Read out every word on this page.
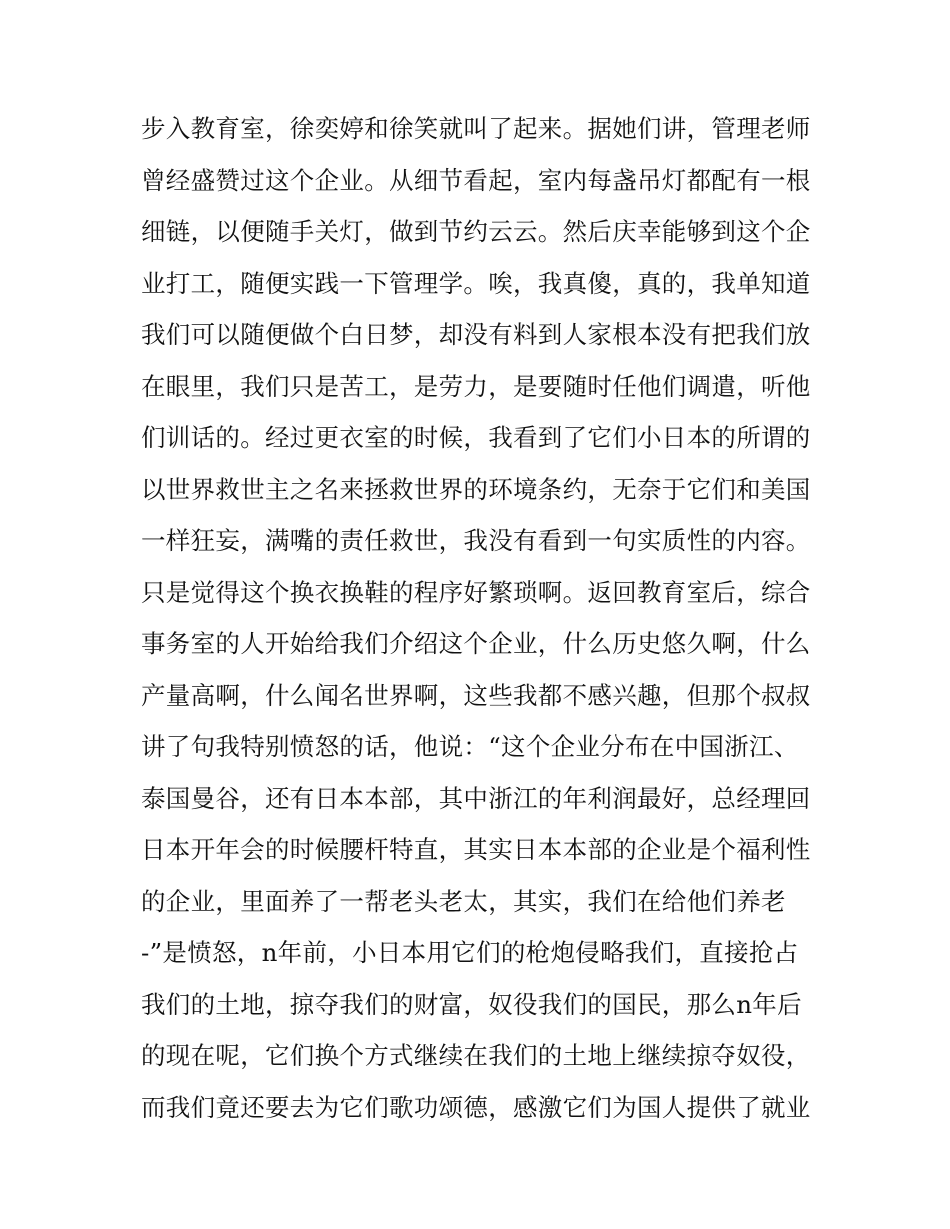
步入教育室，徐奕婷和徐笑就叫了起来。据她们讲，管理老师
曾经盛赞过这个企业。从细节看起，室内每盏吊灯都配有一根
细链，以便随手关灯，做到节约云云。然后庆幸能够到这个企
业打工，随便实践一下管理学。唉，我真傻，真的，我单知道
我们可以随便做个白日梦，却没有料到人家根本没有把我们放
在眼里，我们只是苦工，是劳力，是要随时任他们调遣，听他
们训话的。经过更衣室的时候，我看到了它们小日本的所谓的
以世界救世主之名来拯救世界的环境条约，无奈于它们和美国
一样狂妄，满嘴的责任救世，我没有看到一句实质性的内容。
只是觉得这个换衣换鞋的程序好繁琐啊。返回教育室后，综合
事务室的人开始给我们介绍这个企业，什么历史悠久啊，什么
产量高啊，什么闻名世界啊，这些我都不感兴趣，但那个叔叔
讲了句我特别愤怒的话，他说：“这个企业分布在中国浙江、
泰国曼谷，还有日本本部，其中浙江的年利润最好，总经理回
日本开年会的时候腰杆特直，其实日本本部的企业是个福利性
的企业，里面养了一帮老头老太，其实，我们在给他们养老
-”是愤怒，n年前，小日本用它们的枪炮侵略我们，直接抢占
我们的土地，掠夺我们的财富，奴役我们的国民，那么n年后
的现在呢，它们换个方式继续在我们的土地上继续掠夺奴役，
而我们竟还要去为它们歌功颂德，感激它们为国人提供了就业
